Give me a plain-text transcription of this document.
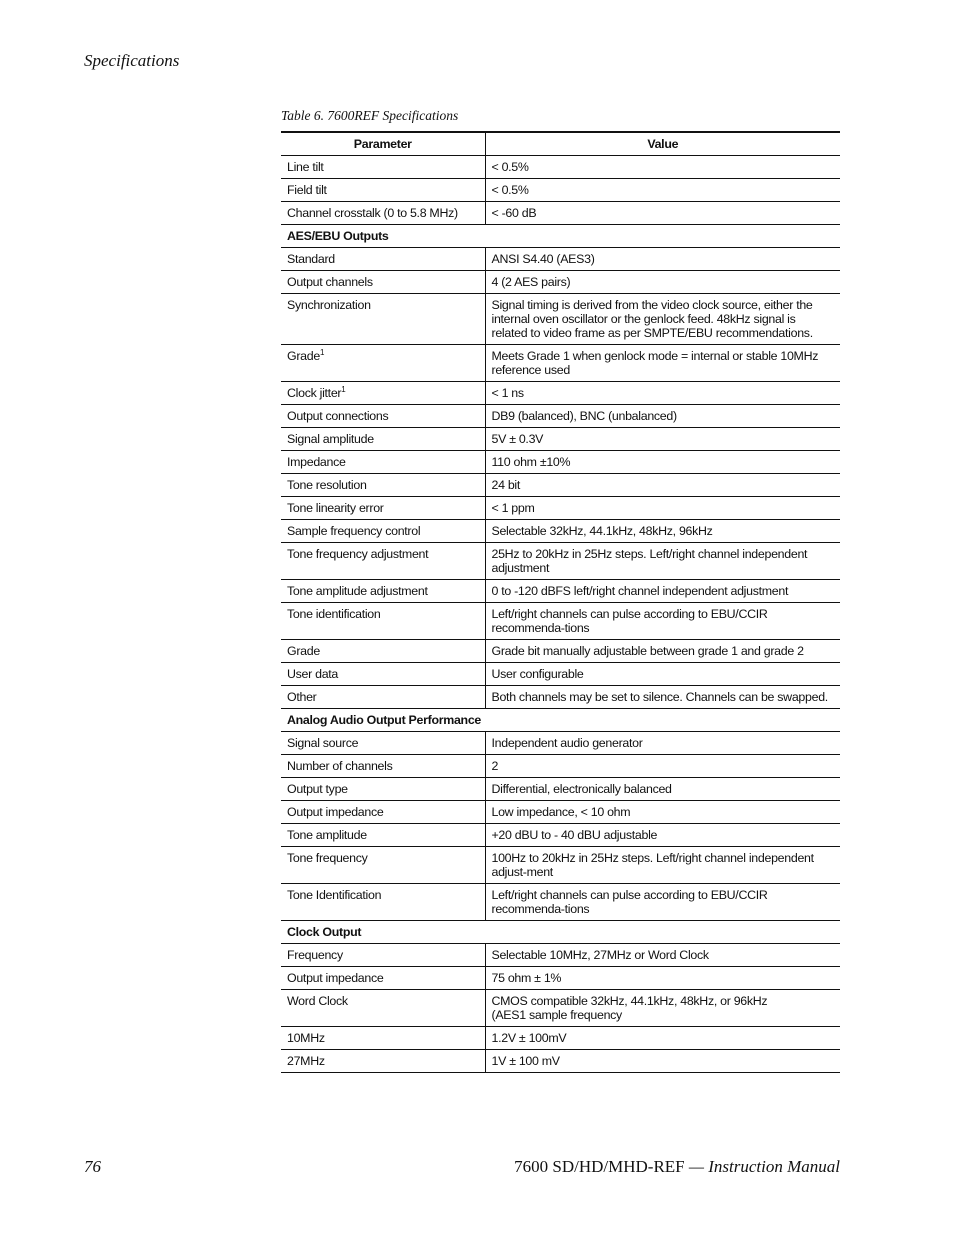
Specifications
Table 6. 7600REF Specifications
Parameter	Value
Line tilt	< 0.5%
Field tilt	< 0.5%
Channel crosstalk (0 to 5.8 MHz)	< -60 dB
AES/EBU Outputs	
Standard	ANSI S4.40 (AES3)
Output channels	4 (2 AES pairs)
Synchronization	Signal timing is derived from the video clock source, either the internal oven oscillator or the genlock feed. 48kHz signal is related to video frame as per SMPTE/EBU recommendations.
Grade$^1$	Meets Grade 1 when genlock mode = internal or stable 10MHz reference used
Clock jitter$^1$	< 1 ns
Output connections	DB9 (balanced), BNC (unbalanced)
Signal amplitude	5V ± 0.3V
Impedance	110 ohm ±10%
Tone resolution	24 bit
Tone linearity error	< 1 ppm
Sample frequency control	Selectable 32kHz, 44.1kHz, 48kHz, 96kHz
Tone frequency adjustment	25Hz to 20kHz in 25Hz steps. Left/right channel independent adjustment
Tone amplitude adjustment	0 to -120 dBFS left/right channel independent adjustment
Tone identification	Left/right channels can pulse according to EBU/CCIR recommenda-tions
Grade	Grade bit manually adjustable between grade 1 and grade 2
User data	User configurable
Other	Both channels may be set to silence. Channels can be swapped.
Analog Audio Output Performance	
Signal source	Independent audio generator
Number of channels	2
Output type	Differential, electronically balanced
Output impedance	Low impedance, < 10 ohm
Tone amplitude	+20 dBU to - 40 dBU adjustable
Tone frequency	100Hz to 20kHz in 25Hz steps. Left/right channel independent adjust-ment
Tone Identification	Left/right channels can pulse according to EBU/CCIR recommenda-tions
Clock Output	
Frequency	Selectable 10MHz, 27MHz or Word Clock
Output impedance	75 ohm ± 1%
Word Clock	CMOS compatible 32kHz, 44.1kHz, 48kHz, or 96kHz
(AES1 sample frequency
10MHz	1.2V ± 100mV
27MHz	1V ± 100 mV
76	7600 SD/HD/MHD-REF — Instruction Manual
